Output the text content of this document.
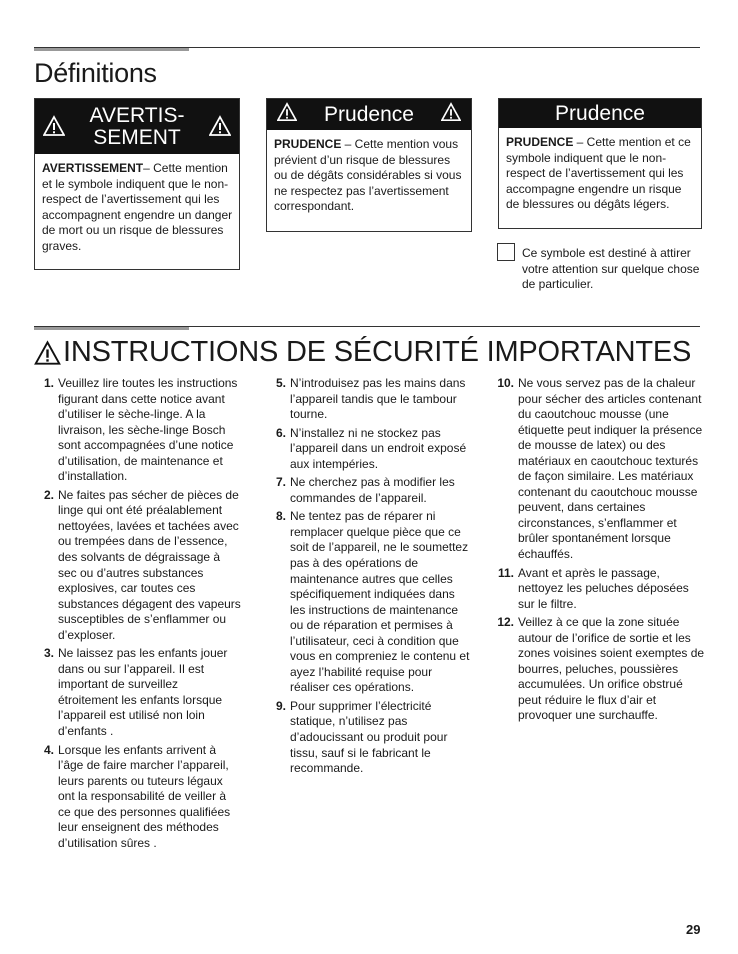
Définitions
AVERTIS-
SEMENT
AVERTISSEMENT– Cette mention et le symbole indiquent que le non-respect de l’avertissement qui les accompagnent engendre un danger de mort ou un risque de blessures graves.
Prudence
PRUDENCE – Cette mention vous prévient d’un risque de blessures ou de dégâts considérables si vous ne respectez pas l’avertissement correspondant.
Prudence
PRUDENCE – Cette mention et ce symbole indiquent que le non-respect de l’avertissement qui les accompagne engendre un risque de blessures ou dégâts légers.
Ce symbole est destiné à attirer votre attention sur quelque chose de particulier.
INSTRUCTIONS DE SÉCURITÉ IMPORTANTES
1. Veuillez lire toutes les instructions figurant dans cette notice avant d’utiliser le sèche-linge. A la livraison, les sèche-linge Bosch sont accompagnées d’une notice d’utilisation, de maintenance et d’installation.
2. Ne faites pas sécher de pièces de linge qui ont été préalablement nettoyées, lavées et tachées avec ou trempées dans de l’essence, des solvants de dégraissage à sec ou d’autres substances explosives, car toutes ces substances dégagent des vapeurs susceptibles de s’enflammer ou d’exploser.
3. Ne laissez pas les enfants jouer dans ou sur l’appareil. Il est important de surveillez étroitement les enfants lorsque l’appareil est utilisé non loin d’enfants .
4. Lorsque les enfants arrivent à l’âge de faire marcher l’appareil, leurs parents ou tuteurs légaux ont la responsabilité de veiller à ce que des personnes qualifiées leur enseignent des méthodes d’utilisation sûres .
5. N’introduisez pas les mains dans l’appareil tandis que le tambour tourne.
6. N’installez ni ne stockez pas l’appareil dans un endroit exposé aux intempéries.
7. Ne cherchez pas à modifier les commandes de l’appareil.
8. Ne tentez pas de réparer ni remplacer quelque pièce que ce soit de l’appareil, ne le soumettez pas à des opérations de maintenance autres que celles spécifiquement indiquées dans les instructions de maintenance ou de réparation et permises à l’utilisateur, ceci à condition que vous en compreniez le contenu et ayez l’habilité requise pour réaliser ces opérations.
9. Pour supprimer l’électricité statique, n’utilisez pas d’adoucissant ou produit pour tissu, sauf si le fabricant le recommande.
10. Ne vous servez pas de la chaleur pour sécher des articles contenant du caoutchouc mousse (une étiquette peut indiquer la présence de mousse de latex) ou des matériaux en caoutchouc texturés de façon similaire. Les matériaux contenant du caoutchouc mousse peuvent, dans certaines circonstances, s’enflammer et brûler spontanément lorsque échauffés.
11. Avant et après le passage, nettoyez les peluches déposées sur le filtre.
12. Veillez à ce que la zone située autour de l’orifice de sortie et les zones voisines soient exemptes de bourres, peluches, poussières accumulées. Un orifice obstrué peut réduire le flux d’air et provoquer une surchauffe.
29
